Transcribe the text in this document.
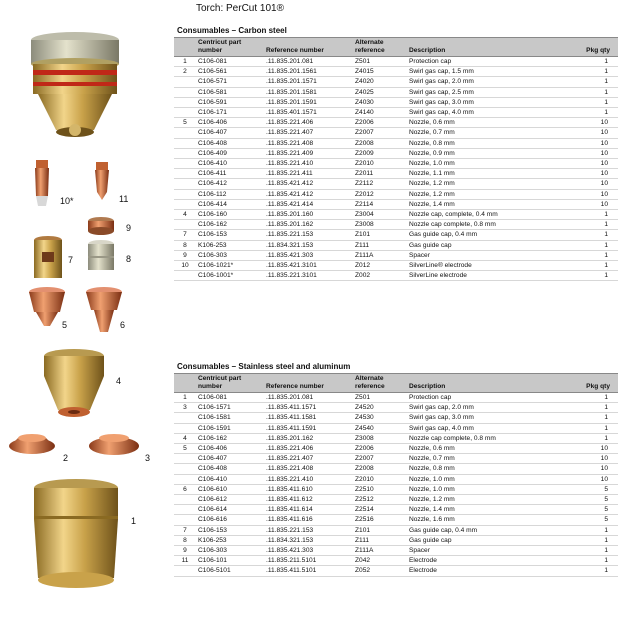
10*	11
9
7	8
5	6
4
2	3
1
Torch: PerCut 101®
Consumables – Carbon steel
	Centricut part number	Reference number	Alternate reference	Description	Pkg qty
1	C106-081	.11.835.201.081	Z501	Protection cap	1
2	C106-561	.11.835.201.1561	Z4015	Swirl gas cap, 1.5 mm	1
	C106-571	.11.835.201.1571	Z4020	Swirl gas cap, 2.0 mm	1
	C106-581	.11.835.201.1581	Z4025	Swirl gas cap, 2.5 mm	1
	C106-591	.11.835.201.1591	Z4030	Swirl gas cap, 3.0 mm	1
	C106-171	.11.835.401.1571	Z4140	Swirl gas cap, 4.0 mm	1
5	C106-406	.11.835.221.406	Z2006	Nozzle, 0.6 mm	10
	C106-407	.11.835.221.407	Z2007	Nozzle, 0.7 mm	10
	C106-408	.11.835.221.408	Z2008	Nozzle, 0.8 mm	10
	C106-409	.11.835.221.409	Z2009	Nozzle, 0.9 mm	10
	C106-410	.11.835.221.410	Z2010	Nozzle, 1.0 mm	10
	C106-411	.11.835.221.411	Z2011	Nozzle, 1.1 mm	10
	C106-412	.11.835.421.412	Z2112	Nozzle, 1.2 mm	10
	C106-112	.11.835.421.412	Z2012	Nozzle, 1.2 mm	10
	C106-414	.11.835.421.414	Z2114	Nozzle, 1.4 mm	10
4	C106-160	.11.835.201.160	Z3004	Nozzle cap, complete, 0.4 mm	1
	C106-162	.11.835.201.162	Z3008	Nozzle cap complete, 0.8 mm	1
7	C106-153	.11.835.221.153	Z101	Gas guide cap, 0.4 mm	1
8	K106-253	.11.834.321.153	Z111	Gas guide cap	1
9	C106-303	.11.835.421.303	Z111A	Spacer	1
10	C106-1021*	.11.835.421.3101	Z012	SilverLine® electrode	1
	C106-1001*	.11.835.221.3101	Z002	SilverLine electrode	1
Consumables – Stainless steel and aluminum
	Centricut part number	Reference number	Alternate reference	Description	Pkg qty
1	C106-081	.11.835.201.081	Z501	Protection cap	1
3	C106-1571	.11.835.411.1571	Z4520	Swirl gas cap, 2.0 mm	1
	C106-1581	.11.835.411.1581	Z4530	Swirl gas cap, 3.0 mm	1
	C106-1591	.11.835.411.1591	Z4540	Swirl gas cap, 4.0 mm	1
4	C106-162	.11.835.201.162	Z3008	Nozzle cap complete, 0.8 mm	1
5	C106-406	.11.835.221.406	Z2006	Nozzle, 0.6 mm	10
	C106-407	.11.835.221.407	Z2007	Nozzle, 0.7 mm	10
	C106-408	.11.835.221.408	Z2008	Nozzle, 0.8 mm	10
	C106-410	.11.835.221.410	Z2010	Nozzle, 1.0 mm	10
6	C106-610	.11.835.411.610	Z2510	Nozzle, 1.0 mm	5
	C106-612	.11.835.411.612	Z2512	Nozzle, 1.2 mm	5
	C106-614	.11.835.411.614	Z2514	Nozzle, 1.4 mm	5
	C106-616	.11.835.411.616	Z2516	Nozzle, 1.6 mm	5
7	C106-153	.11.835.221.153	Z101	Gas guide cap, 0.4 mm	1
8	K106-253	.11.834.321.153	Z111	Gas guide cap	1
9	C106-303	.11.835.421.303	Z111A	Spacer	1
11	C106-101	.11.835.211.5101	Z042	Electrode	1
	C106-5101	.11.835.411.5101	Z052	Electrode	1
